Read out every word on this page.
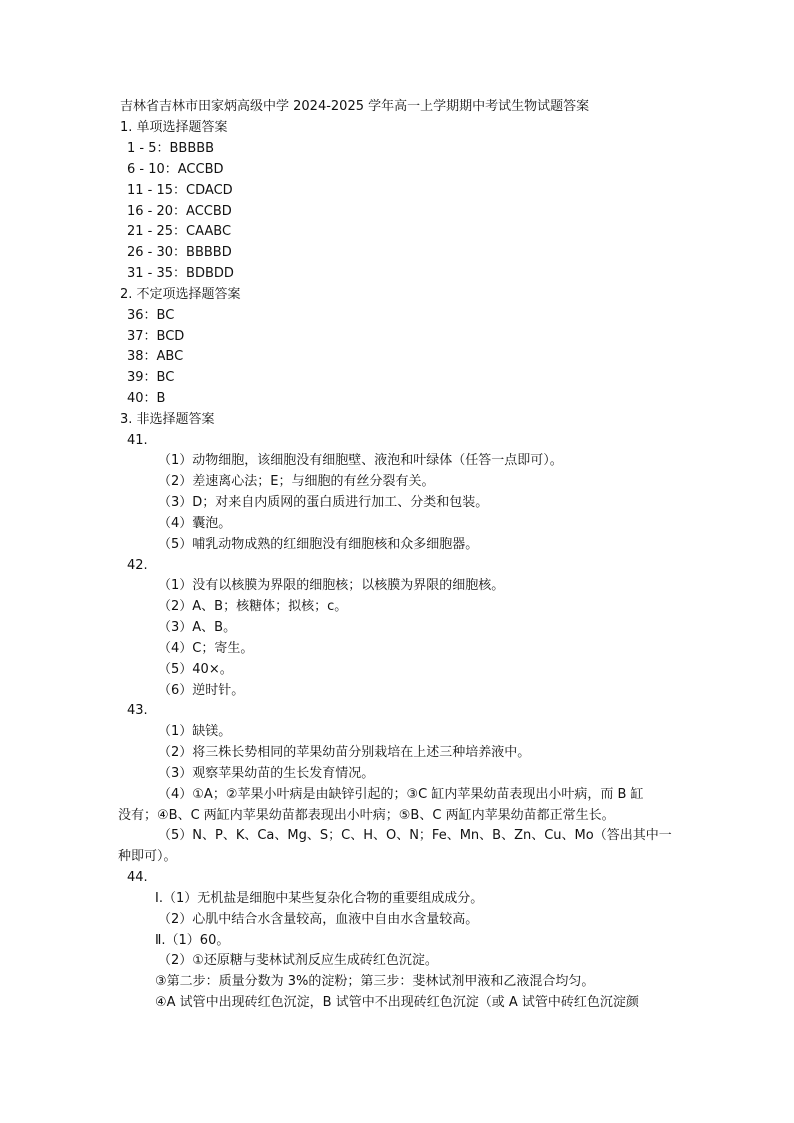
吉林省吉林市田家炳高级中学 2024-2025 学年高一上学期期中考试生物试题答案
1. 单项选择题答案
1 - 5：BBBBB
6 - 10：ACCBD
11 - 15：CDACD
16 - 20：ACCBD
21 - 25：CAABC
26 - 30：BBBBD
31 - 35：BDBDD
2. 不定项选择题答案
36：BC
37：BCD
38：ABC
39：BC
40：B
3. 非选择题答案
41.
（1）动物细胞，该细胞没有细胞壁、液泡和叶绿体（任答一点即可）。
（2）差速离心法；E；与细胞的有丝分裂有关。
（3）D；对来自内质网的蛋白质进行加工、分类和包装。
（4）囊泡。
（5）哺乳动物成熟的红细胞没有细胞核和众多细胞器。
42.
（1）没有以核膜为界限的细胞核；以核膜为界限的细胞核。
（2）A、B；核糖体；拟核；c。
（3）A、B。
（4）C；寄生。
（5）40×。
（6）逆时针。
43.
（1）缺镁。
（2）将三株长势相同的苹果幼苗分别栽培在上述三种培养液中。
（3）观察苹果幼苗的生长发育情况。
（4）①A；②苹果小叶病是由缺锌引起的；③C 缸内苹果幼苗表现出小叶病，而 B 缸
没有；④B、C 两缸内苹果幼苗都表现出小叶病；⑤B、C 两缸内苹果幼苗都正常生长。
（5）N、P、K、Ca、Mg、S；C、H、O、N；Fe、Mn、B、Zn、Cu、Mo（答出其中一
种即可）。
44.
Ⅰ.（1）无机盐是细胞中某些复杂化合物的重要组成成分。
（2）心肌中结合水含量较高，血液中自由水含量较高。
Ⅱ.（1）60。
（2）①还原糖与斐林试剂反应生成砖红色沉淀。
③第二步：质量分数为 3%的淀粉；第三步：斐林试剂甲液和乙液混合均匀。
④A 试管中出现砖红色沉淀，B 试管中不出现砖红色沉淀（或 A 试管中砖红色沉淀颜
